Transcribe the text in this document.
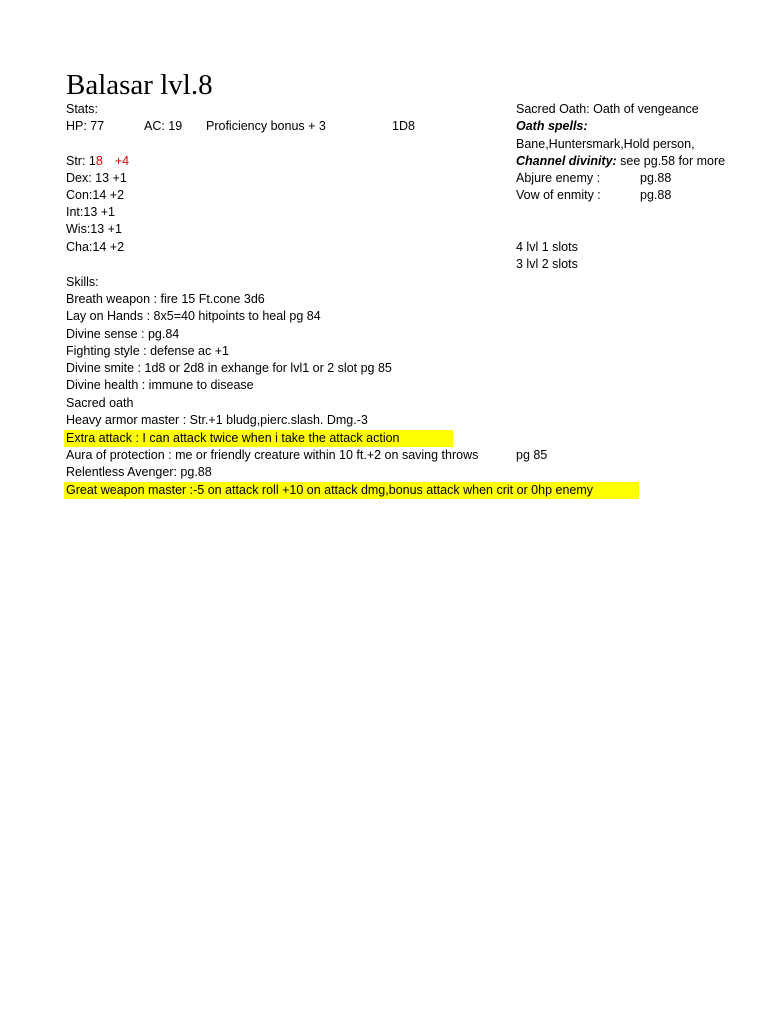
Balasar lvl.8
Stats:
HP: 77	AC: 19 Proficiency bonus + 3	1D8
Str: 18 +4
Dex: 13 +1
Con:14 +2
Int:13 +1
Wis:13 +1
Cha:14 +2
Skills:
Breath weapon : fire 15 Ft.cone 3d6
Lay on Hands : 8x5=40 hitpoints to heal pg 84
Divine sense : pg.84
Fighting style : defense ac +1
Divine smite : 1d8 or 2d8 in exhange for lvl1 or 2 slot pg 85
Divine health : immune to disease
Sacred oath
Heavy armor master : Str.+1 bludg,pierc.slash. Dmg.-3
Extra attack : I can attack twice when i take the attack action
Aura of protection : me or friendly creature within 10 ft.+2 on saving throws	pg 85
Relentless Avenger: pg.88
Great weapon master :-5 on attack roll +10 on attack dmg,bonus attack when crit or 0hp enemy
Sacred Oath: Oath of vengeance
Oath spells:
Bane,Huntersmark,Hold person,
Channel divinity: see pg.58 for more
Abjure enemy :	pg.88
Vow of enmity :	pg.88
4 lvl 1 slots
3 lvl 2 slots
